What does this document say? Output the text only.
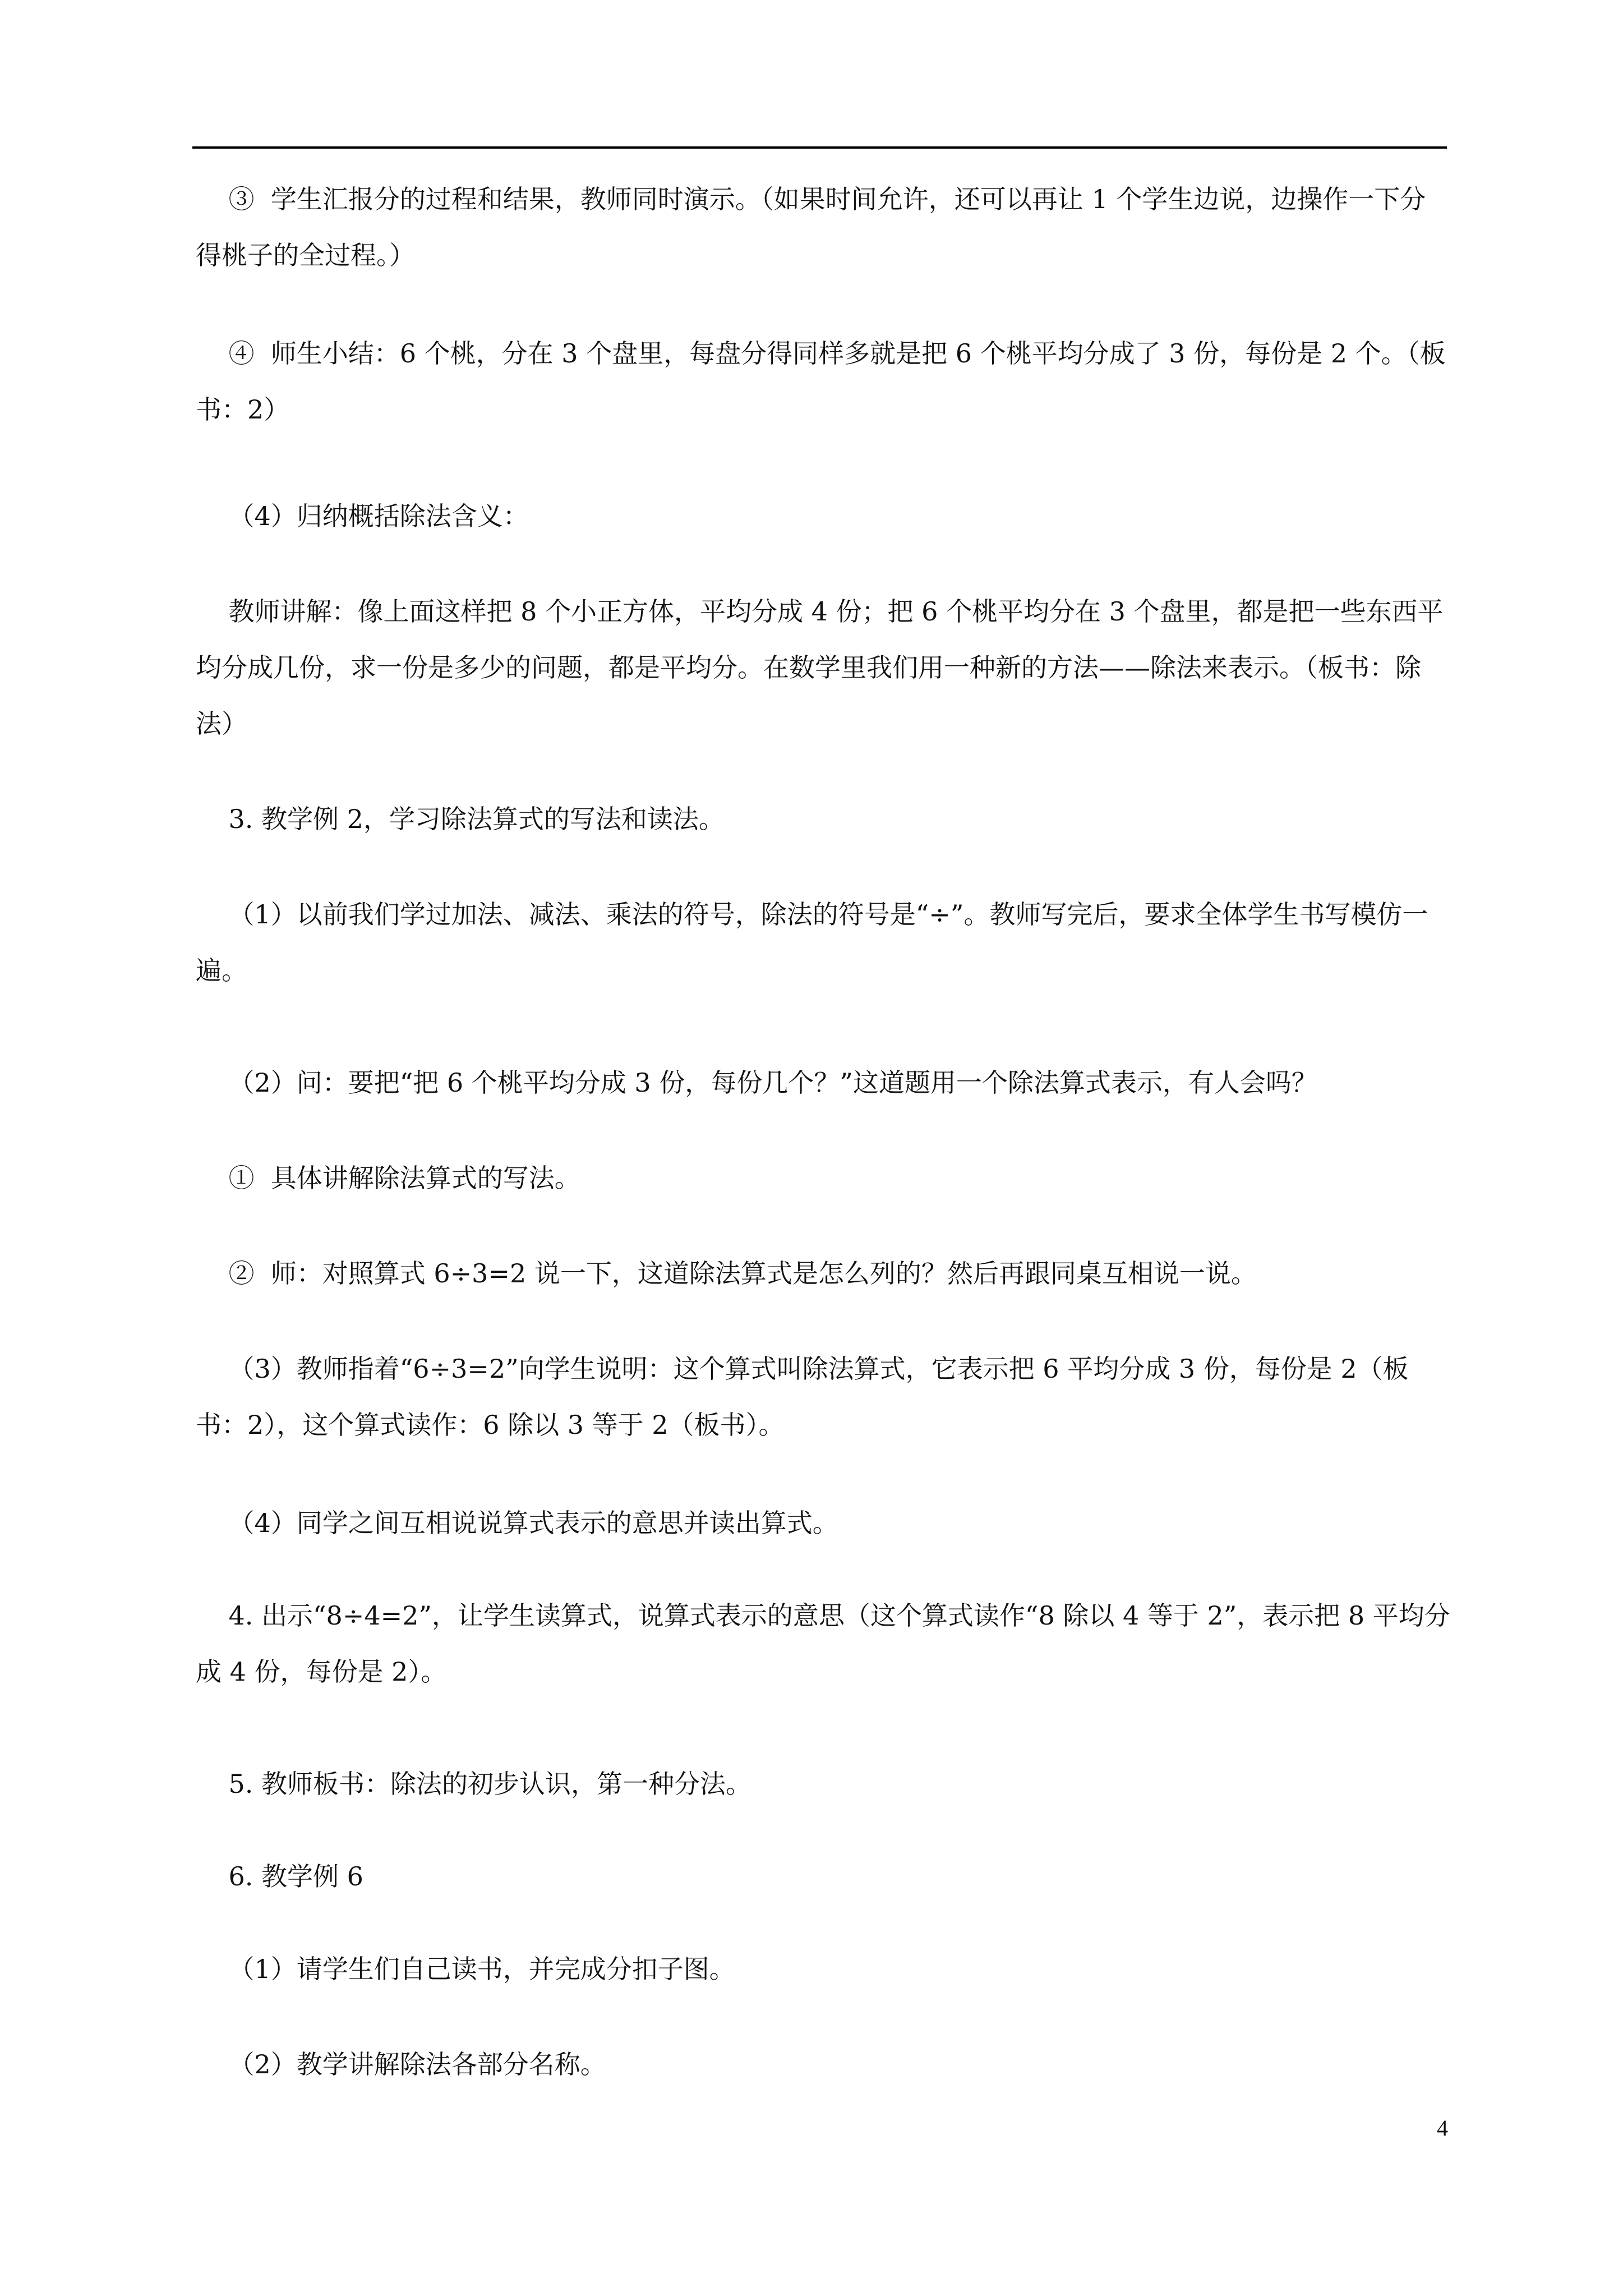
③  学生汇报分的过程和结果，教师同时演示。（如果时间允许，还可以再让 1 个学生边说，边操作一下分得桃子的全过程。）

④  师生小结：6 个桃，分在 3 个盘里，每盘分得同样多就是把 6 个桃平均分成了 3 份，每份是 2 个。（板书：2）

（4）归纳概括除法含义：

教师讲解：像上面这样把 8 个小正方体，平均分成 4 份；把 6 个桃平均分在 3 个盘里，都是把一些东西平均分成几份，求一份是多少的问题，都是平均分。在数学里我们用一种新的方法——除法来表示。（板书：除法）

3. 教学例 2，学习除法算式的写法和读法。

（1）以前我们学过加法、减法、乘法的符号，除法的符号是“÷”。教师写完后，要求全体学生书写模仿一遍。

（2）问：要把“把 6 个桃平均分成 3 份，每份几个？”这道题用一个除法算式表示，有人会吗？

①  具体讲解除法算式的写法。

②  师：对照算式 6÷3=2 说一下，这道除法算式是怎么列的？然后再跟同桌互相说一说。

（3）教师指着“6÷3=2”向学生说明：这个算式叫除法算式，它表示把 6 平均分成 3 份，每份是 2（板书：2），这个算式读作：6 除以 3 等于 2（板书）。

（4）同学之间互相说说算式表示的意思并读出算式。

4. 出示“8÷4=2”，让学生读算式，说算式表示的意思（这个算式读作“8 除以 4 等于 2”，表示把 8 平均分成 4 份，每份是 2）。

5. 教师板书：除法的初步认识，第一种分法。

6. 教学例 6

（1）请学生们自己读书，并完成分扣子图。

（2）教学讲解除法各部分名称。

4
